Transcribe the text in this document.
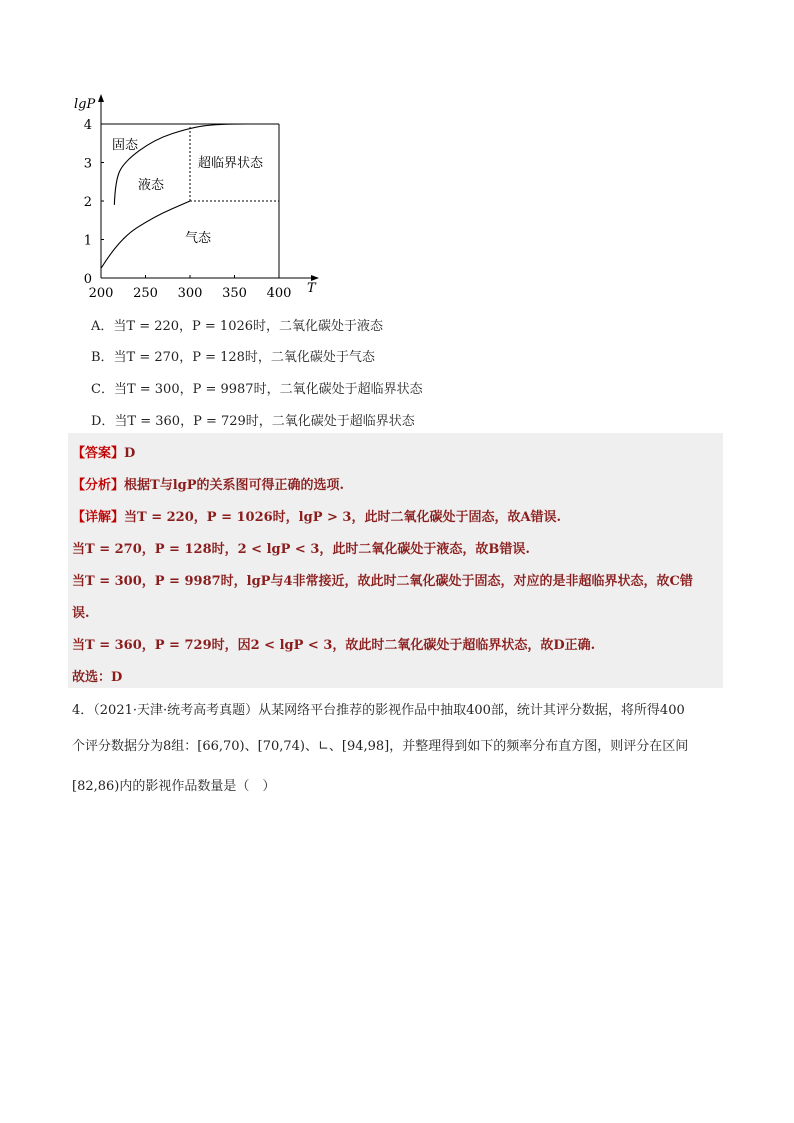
200 250 300 350 400
0
1
2
3
4
lgP
T
固态
液态
超临界状态
气态
A．当T = 220，P = 1026时，二氧化碳处于液态
B．当T = 270，P = 128时，二氧化碳处于气态
C．当T = 300，P = 9987时，二氧化碳处于超临界状态
D．当T = 360，P = 729时，二氧化碳处于超临界状态
【答案】D
【分析】根据T与lgP的关系图可得正确的选项.
【详解】当T = 220，P = 1026时，lgP > 3，此时二氧化碳处于固态，故A错误.
当T = 270，P = 128时，2 < lgP < 3，此时二氧化碳处于液态，故B错误.
当T = 300，P = 9987时，lgP与4非常接近，故此时二氧化碳处于固态，对应的是非超临界状态，故C错
误.
当T = 360，P = 729时，因2 < lgP < 3，故此时二氧化碳处于超临界状态，故D正确.
故选：D
4．（2021·天津·统考高考真题）从某网络平台推荐的影视作品中抽取400部，统计其评分数据，将所得400
个评分数据分为8组：[66,70)、[70,74)、∟、[94,98]，并整理得到如下的频率分布直方图，则评分在区间
[82,86)内的影视作品数量是（　）
